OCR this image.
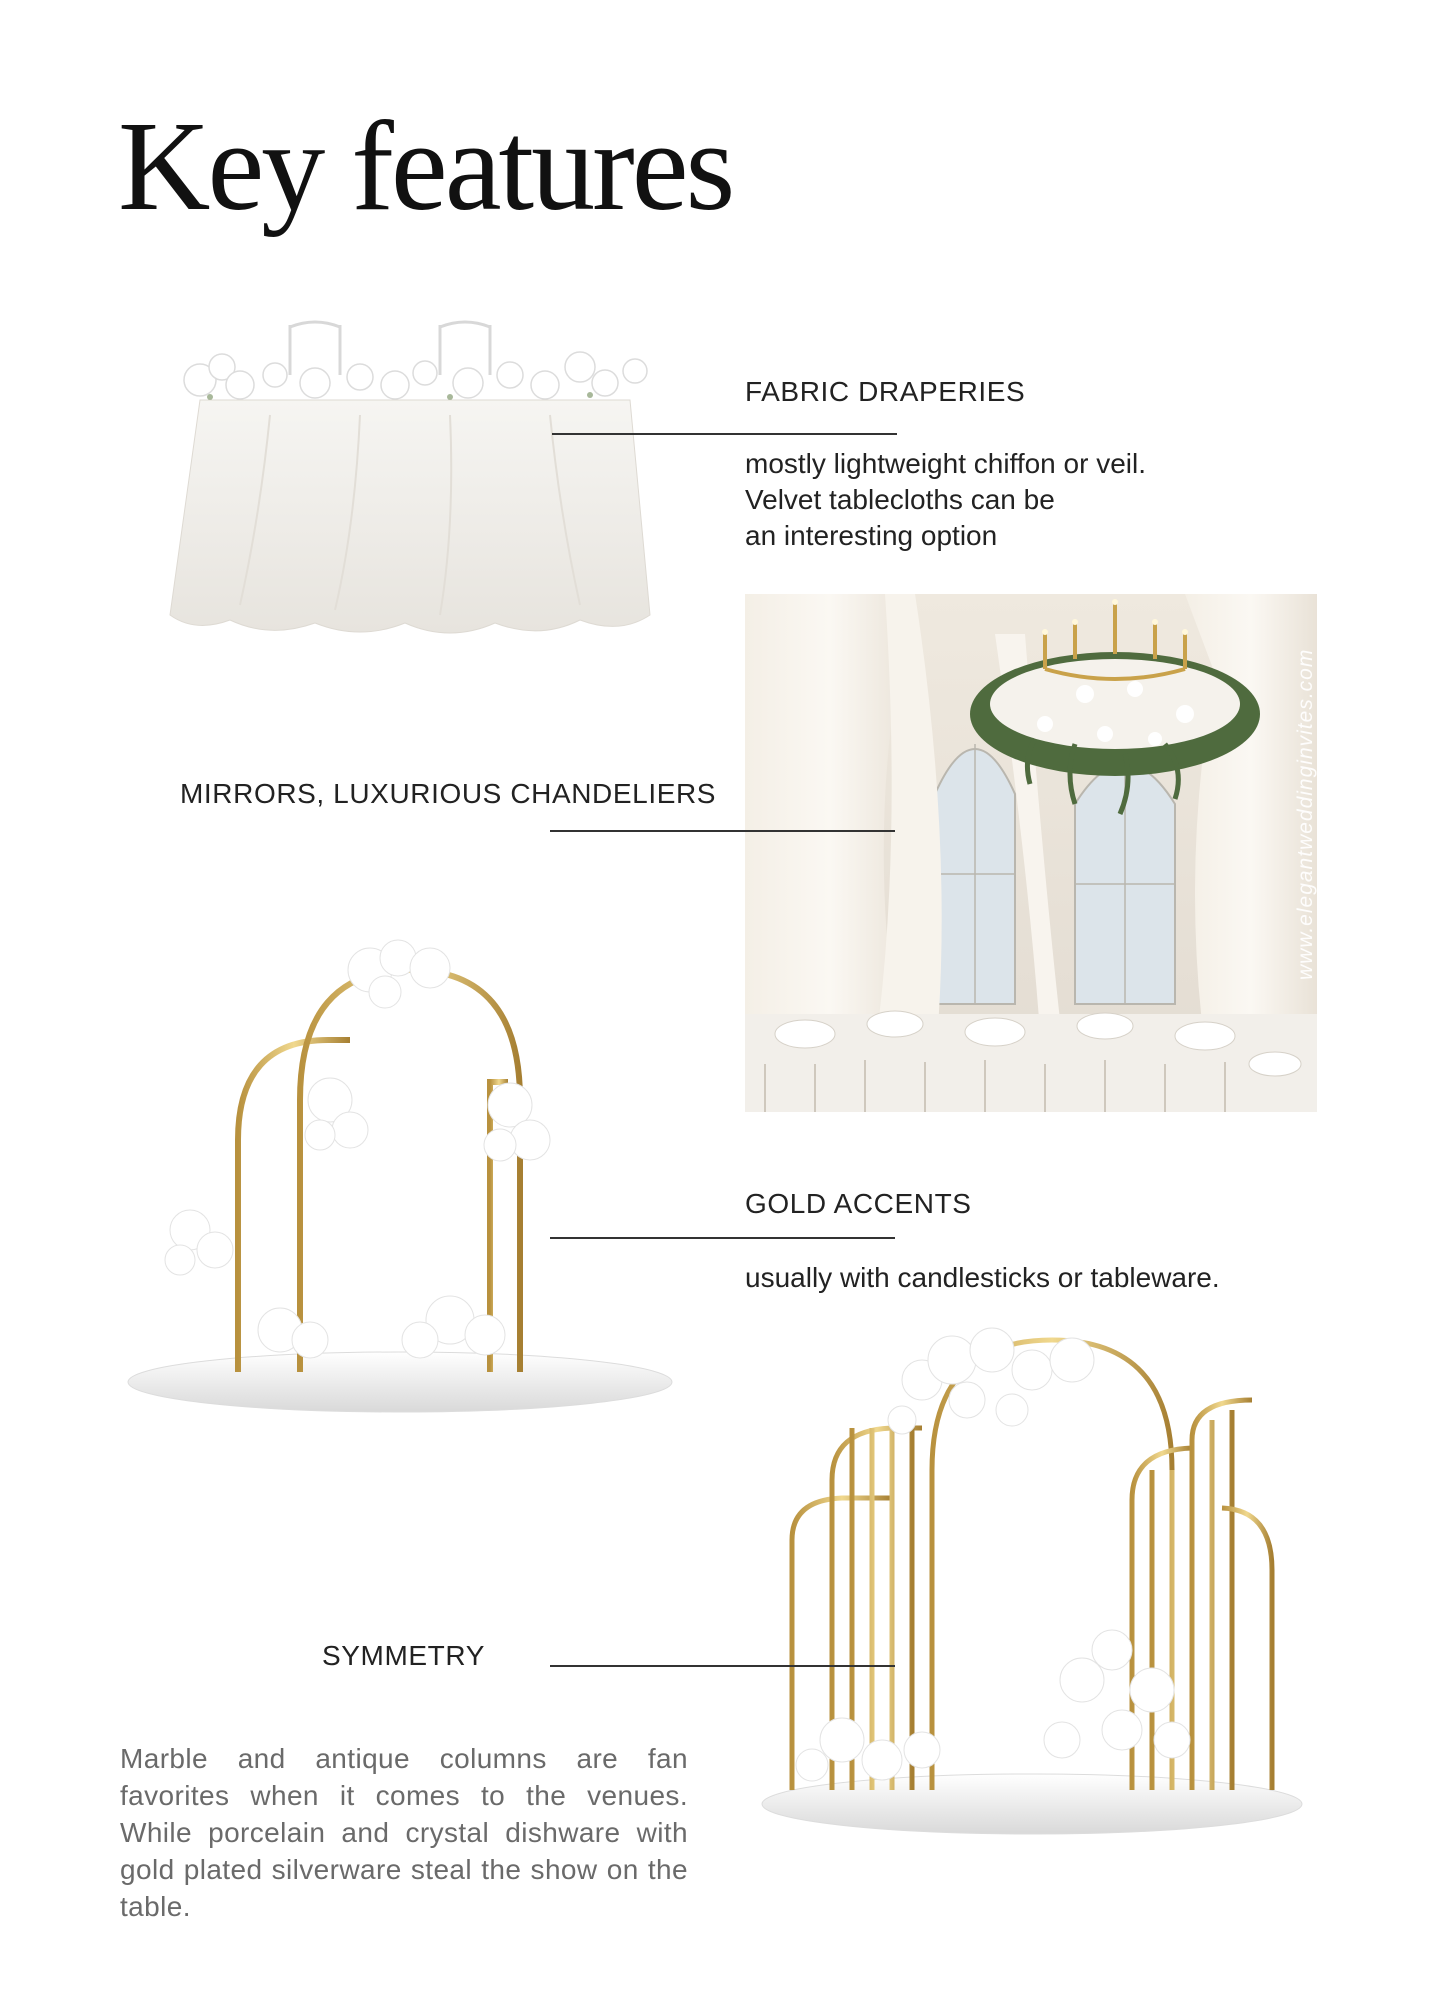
Key features
FABRIC DRAPERIES
mostly lightweight chiffon or veil.
Velvet tablecloths can be
an interesting option
www.elegantweddinginvites.com
MIRRORS, LUXURIOUS CHANDELIERS
GOLD ACCENTS
usually with candlesticks or tableware.
SYMMETRY
Marble and antique columns are fan favorites when it comes to the venues. While porcelain and crystal dishware with gold plated silverware steal the show on the table.
